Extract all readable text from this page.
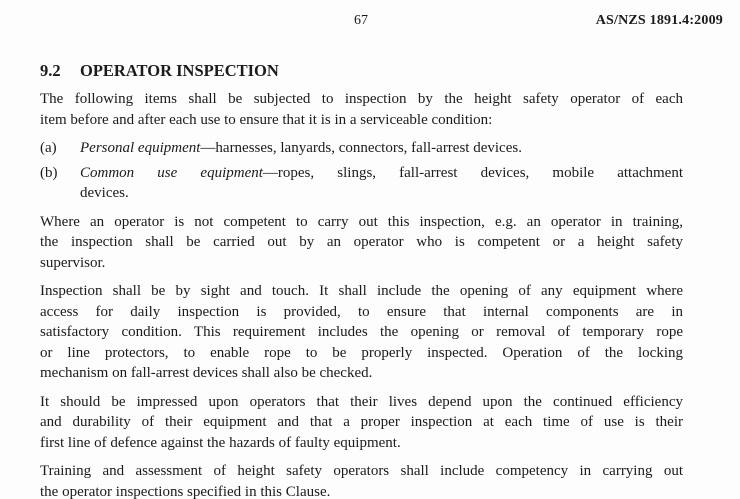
67	AS/NZS 1891.4:2009
9.2 OPERATOR INSPECTION
The following items shall be subjected to inspection by the height safety operator of each
item before and after each use to ensure that it is in a serviceable condition:
(a)	Personal equipment—harnesses, lanyards, connectors, fall-arrest devices.
(b)	Common use equipment—ropes, slings, fall-arrest devices, mobile attachment
devices.
Where an operator is not competent to carry out this inspection, e.g. an operator in training,
the inspection shall be carried out by an operator who is competent or a height safety
supervisor.
Inspection shall be by sight and touch. It shall include the opening of any equipment where
access for daily inspection is provided, to ensure that internal components are in
satisfactory condition. This requirement includes the opening or removal of temporary rope
or line protectors, to enable rope to be properly inspected. Operation of the locking
mechanism on fall-arrest devices shall also be checked.
It should be impressed upon operators that their lives depend upon the continued efficiency
and durability of their equipment and that a proper inspection at each time of use is their
first line of defence against the hazards of faulty equipment.
Training and assessment of height safety operators shall include competency in carrying out
the operator inspections specified in this Clause.
